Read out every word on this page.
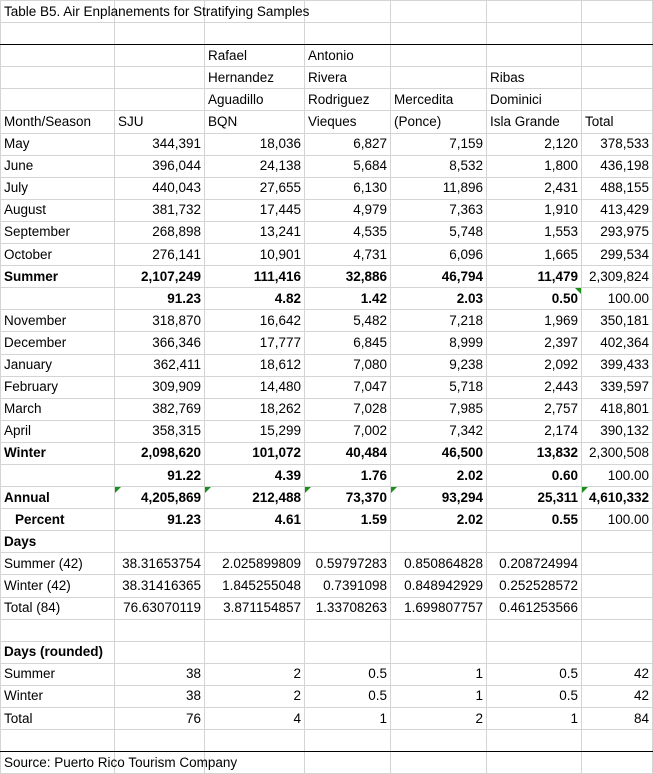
Table B5. Air Enplanements for Stratifying Samples						

		Rafael	Antonio			
		Hernandez	Rivera		Ribas	
		Aguadillo	Rodriguez	Mercedita	Dominici	
Month/Season	SJU	BQN	Vieques	(Ponce)	Isla Grande	Total
May	344,391	18,036	6,827	7,159	2,120	378,533
June	396,044	24,138	5,684	8,532	1,800	436,198
July	440,043	27,655	6,130	11,896	2,431	488,155
August	381,732	17,445	4,979	7,363	1,910	413,429
September	268,898	13,241	4,535	5,748	1,553	293,975
October	276,141	10,901	4,731	6,096	1,665	299,534
Summer	2,107,249	111,416	32,886	46,794	11,479	2,309,824
	91.23	4.82	1.42	2.03	0.50	100.00
November	318,870	16,642	5,482	7,218	1,969	350,181
December	366,346	17,777	6,845	8,999	2,397	402,364
January	362,411	18,612	7,080	9,238	2,092	399,433
February	309,909	14,480	7,047	5,718	2,443	339,597
March	382,769	18,262	7,028	7,985	2,757	418,801
April	358,315	15,299	7,002	7,342	2,174	390,132
Winter	2,098,620	101,072	40,484	46,500	13,832	2,300,508
	91.22	4.39	1.76	2.02	0.60	100.00
Annual	4,205,869	212,488	73,370	93,294	25,311	4,610,332
Percent	91.23	4.61	1.59	2.02	0.55	100.00
Days						
Summer (42)	38.31653754	2.025899809	0.59797283	0.850864828	0.208724994	
Winter (42)	38.31416365	1.845255048	0.7391098	0.848942929	0.252528572	
Total (84)	76.63070119	3.871154857	1.33708263	1.699807757	0.461253566	

Days (rounded)						
Summer	38	2	0.5	1	0.5	42
Winter	38	2	0.5	1	0.5	42
Total	76	4	1	2	1	84

Source: Puerto Rico Tourism Company						
